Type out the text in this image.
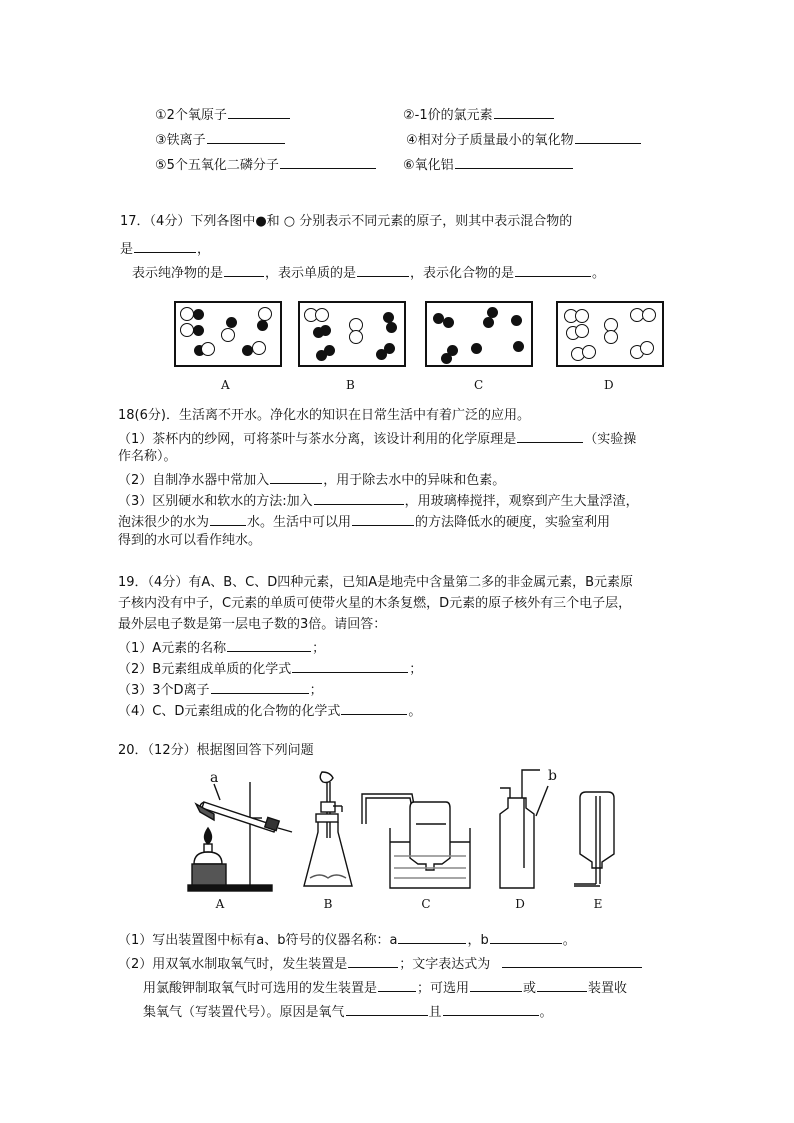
①2个氧原子	②-1价的氯元素
③铁离子	④相对分子质量最小的氧化物
⑤5个五氧化二磷分子	⑥氧化铝
17．（4分）下列各图中●和 ○ 分别表示不同元素的原子，则其中表示混合物的
是	，
表示纯净物的是	，表示单质的是	，表示化合物的是	。
A	B	C	D
18(6分)．生活离不开水。净化水的知识在日常生活中有着广泛的应用。
（1）茶杯内的纱网，可将茶叶与茶水分离，该设计利用的化学原理是	（实验操
作名称）。
（2）自制净水器中常加入	，用于除去水中的异味和色素。
（3）区别硬水和软水的方法:加入	，用玻璃棒搅拌，观察到产生大量浮渣，
泡沫很少的水为	水。生活中可以用	的方法降低水的硬度，实验室利用
得到的水可以看作纯水。
19．（4分）有A、B、C、D四种元素，已知A是地壳中含量第二多的非金属元素，B元素原
子核内没有中子，C元素的单质可使带火星的木条复燃，D元素的原子核外有三个电子层，
最外层电子数是第一层电子数的3倍。请回答：
（1）A元素的名称	；
（2）B元素组成单质的化学式	；
（3）3个D离子	；
（4）C、D元素组成的化合物的化学式	。
20．（12分）根据图回答下列问题
a	b
A	B	C	D	E
（1）写出装置图中标有a、b符号的仪器名称：a	，b	。
（2）用双氧水制取氧气时，发生装置是	；文字表达式为
用氯酸钾制取氧气时可选用的发生装置是	；可选用	或	装置收
集氧气（写装置代号）。原因是氧气	且	。
